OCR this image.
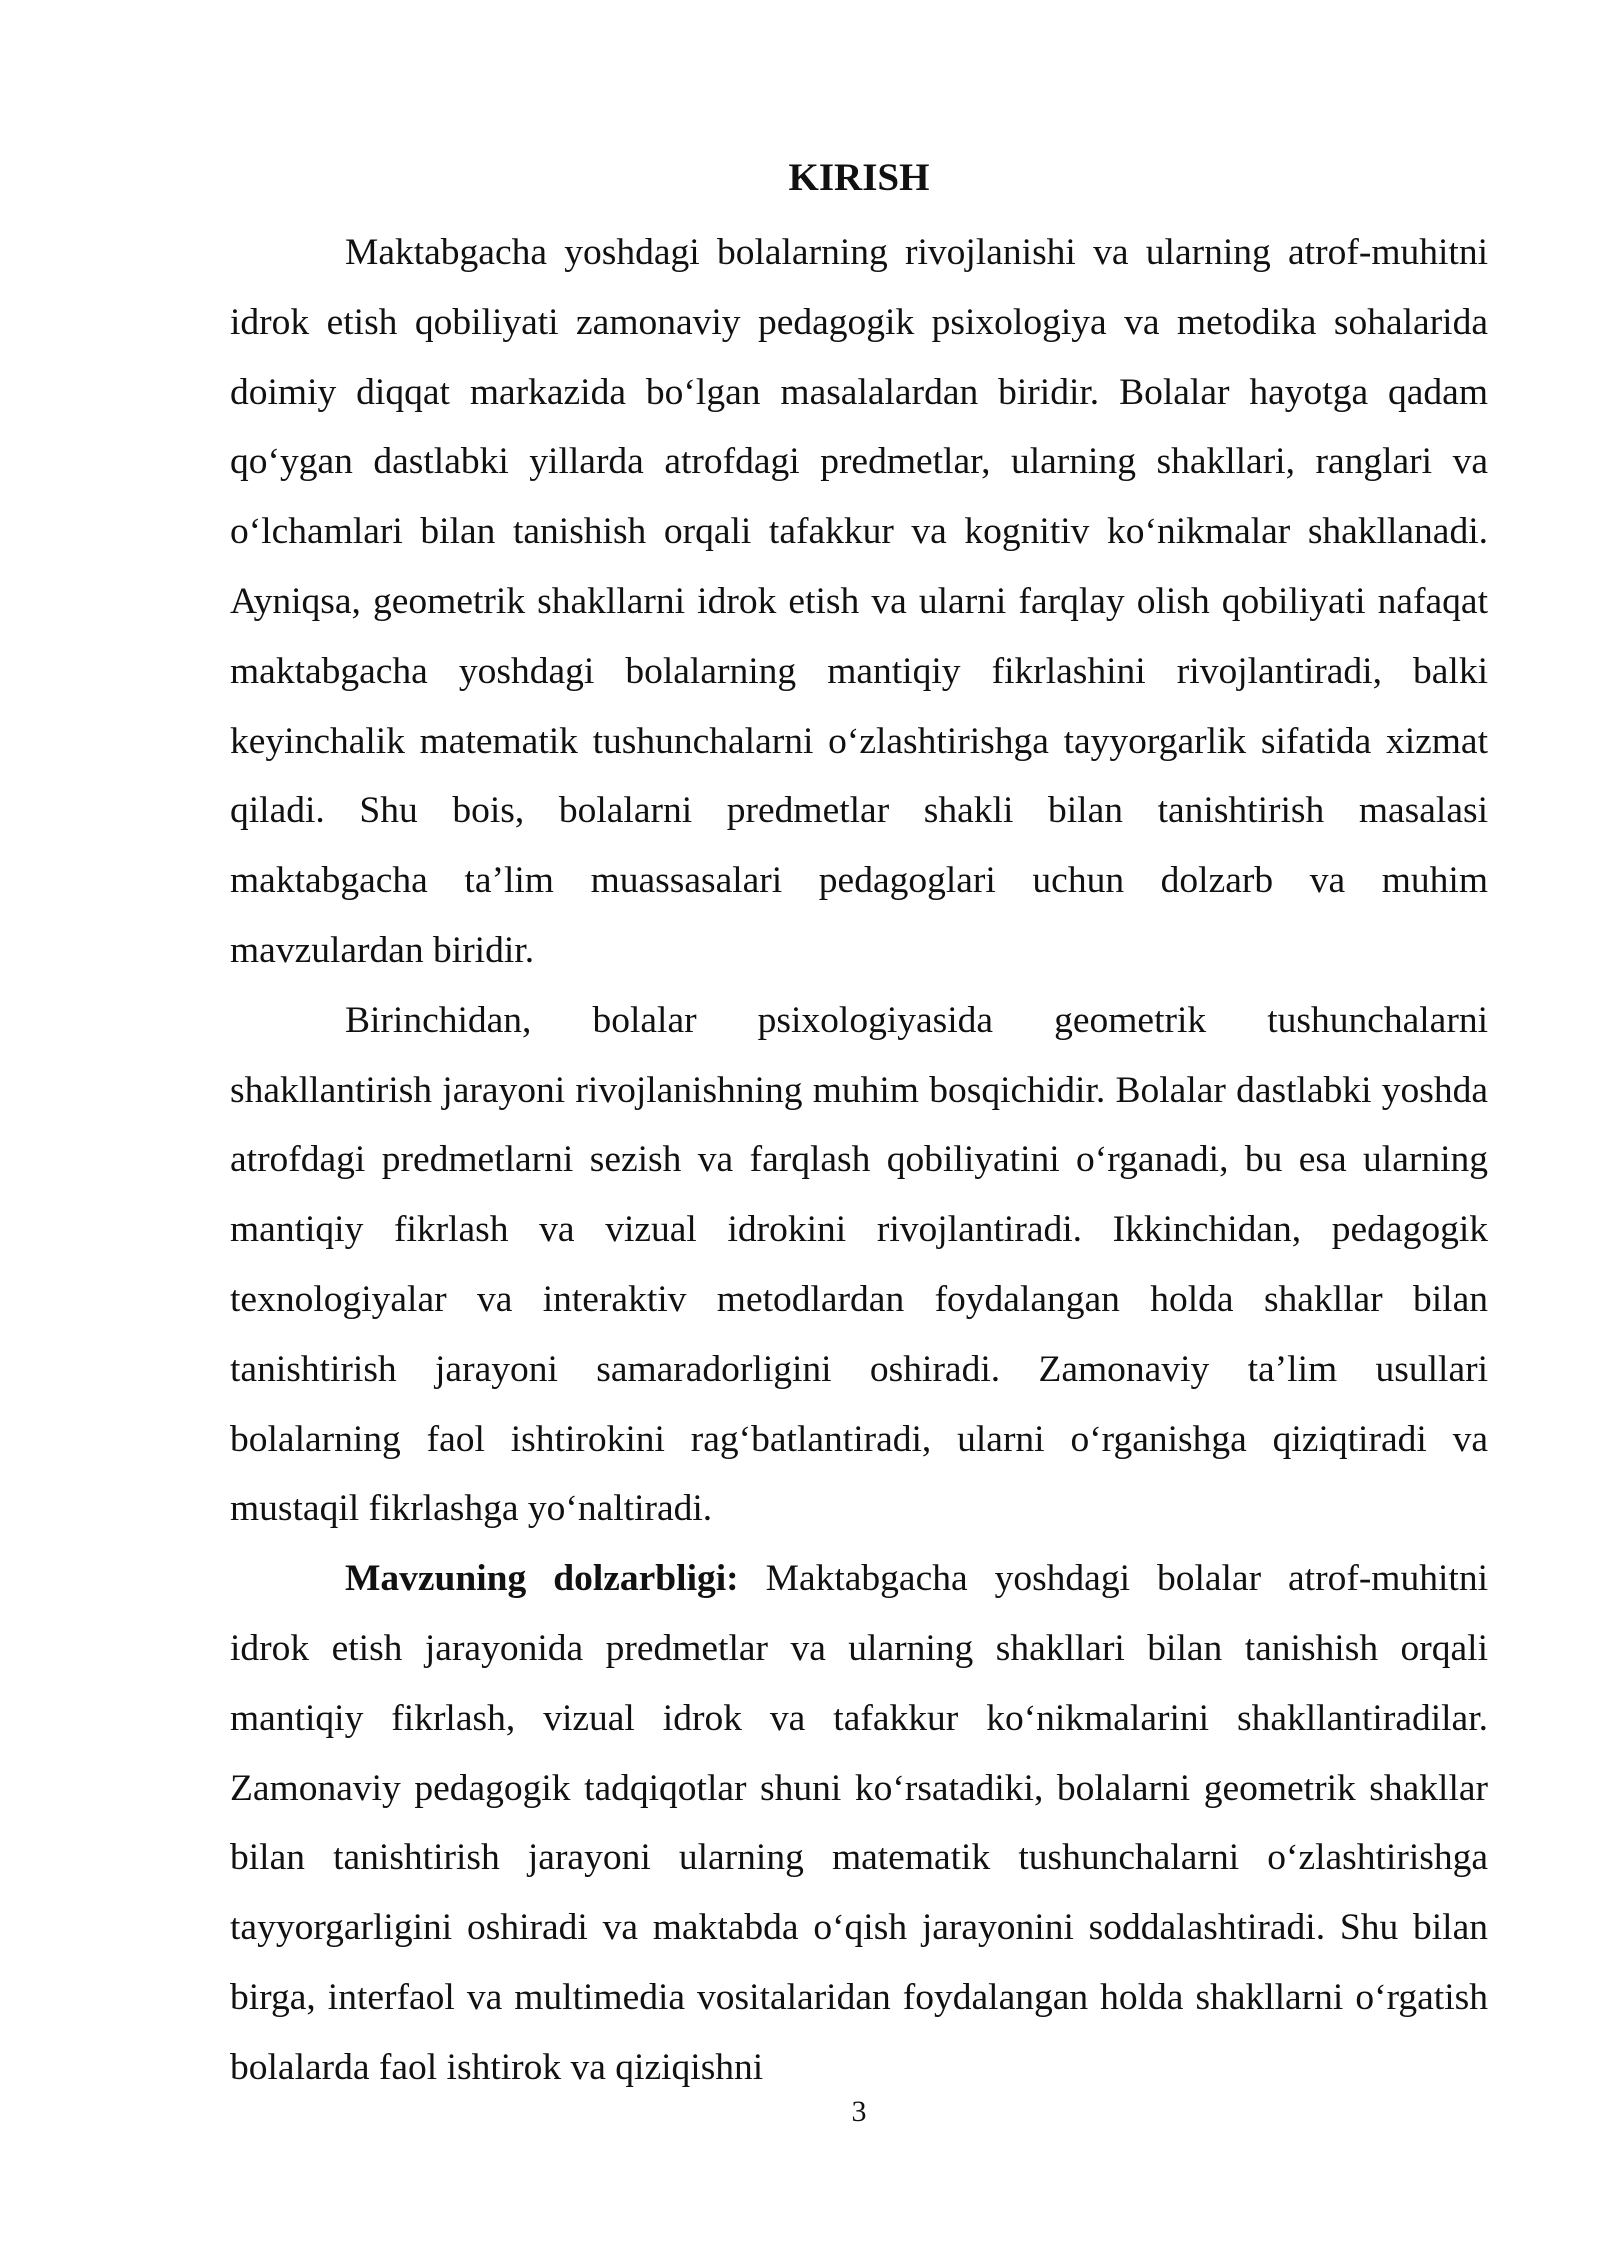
KIRISH

Maktabgacha yoshdagi bolalarning rivojlanishi va ularning atrof-muhitni idrok etish qobiliyati zamonaviy pedagogik psixologiya va metodika sohalarida doimiy diqqat markazida boʻlgan masalalardan biridir. Bolalar hayotga qadam qoʻygan dastlabki yillarda atrofdagi predmetlar, ularning shakllari, ranglari va oʻlchamlari bilan tanishish orqali tafakkur va kognitiv koʻnikmalar shakllanadi. Ayniqsa, geometrik shakllarni idrok etish va ularni farqlay olish qobiliyati nafaqat maktabgacha yoshdagi bolalarning mantiqiy fikrlashini rivojlantiradi, balki keyinchalik matematik tushunchalarni oʻzlashtirishga tayyorgarlik sifatida xizmat qiladi. Shu bois, bolalarni predmetlar shakli bilan tanishtirish masalasi maktabgacha ta’lim muassasalari pedagoglari uchun dolzarb va muhim mavzulardan biridir.

Birinchidan, bolalar psixologiyasida geometrik tushunchalarni shakllantirish jarayoni rivojlanishning muhim bosqichidir. Bolalar dastlabki yoshda atrofdagi predmetlarni sezish va farqlash qobiliyatini oʻrganadi, bu esa ularning mantiqiy fikrlash va vizual idrokini rivojlantiradi. Ikkinchidan, pedagogik texnologiyalar va interaktiv metodlardan foydalangan holda shakllar bilan tanishtirish jarayoni samaradorligini oshiradi. Zamonaviy ta’lim usullari bolalarning faol ishtirokini ragʻbatlantiradi, ularni oʻrganishga qiziqtiradi va mustaqil fikrlashga yoʻnaltiradi.

Mavzuning dolzarbligi: Maktabgacha yoshdagi bolalar atrof-muhitni idrok etish jarayonida predmetlar va ularning shakllari bilan tanishish orqali mantiqiy fikrlash, vizual idrok va tafakkur koʻnikmalarini shakllantiradilar. Zamonaviy pedagogik tadqiqotlar shuni koʻrsatadiki, bolalarni geometrik shakllar bilan tanishtirish jarayoni ularning matematik tushunchalarni oʻzlashtirishga tayyorgarligini oshiradi va maktabda oʻqish jarayonini soddalashtiradi. Shu bilan birga, interfaol va multimedia vositalaridan foydalangan holda shakllarni oʻrgatish bolalarda faol ishtirok va qiziqishni

3
